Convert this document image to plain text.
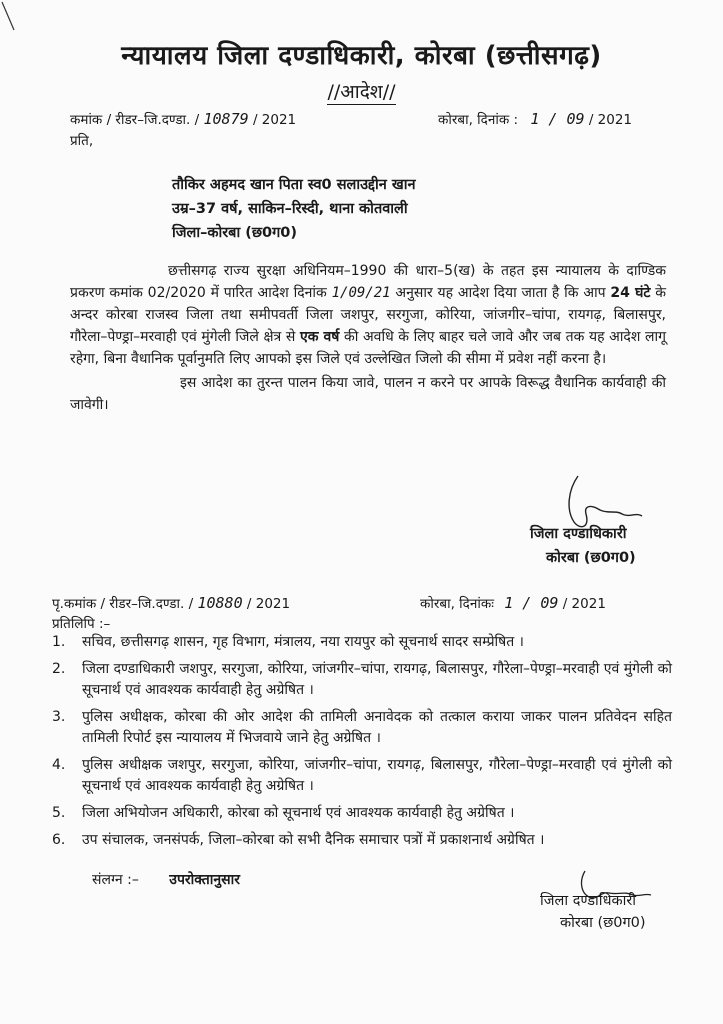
न्यायालय जिला दण्डाधिकारी, कोरबा (छत्तीसगढ़)
//आदेश//
कमांक / रीडर–जि.दण्डा. / 10879 / 2021	कोरबा, दिनांक : 1 / 09 / 2021
प्रति,
तौकिर अहमद खान पिता स्व0 सलाउद्दीन खान
उम्र–37 वर्ष, साकिन–रिस्दी, थाना कोतवाली
जिला–कोरबा (छ0ग0)
छत्तीसगढ़ राज्य सुरक्षा अधिनियम–1990 की धारा–5(ख) के तहत इस न्यायालय के दाण्डिक प्रकरण कमांक 02/2020 में पारित आदेश दिनांक 1/09/21 अनुसार यह आदेश दिया जाता है कि आप 24 घंटे के अन्दर कोरबा राजस्व जिला तथा समीपवर्ती जिला जशपुर, सरगुजा, कोरिया, जांजगीर–चांपा, रायगढ़, बिलासपुर, गौरेला–पेण्ड्रा–मरवाही एवं मुंगेली जिले क्षेत्र से एक वर्ष की अवधि के लिए बाहर चले जावे और जब तक यह आदेश लागू रहेगा, बिना वैधानिक पूर्वानुमति लिए आपको इस जिले एवं उल्लेखित जिलो की सीमा में प्रवेश नहीं करना है।
इस आदेश का तुरन्त पालन किया जावे, पालन न करने पर आपके विरूद्ध वैधानिक कार्यवाही की जावेगी।
जिला दण्डाधिकारी
कोरबा (छ0ग0)
पृ.कमांक / रीडर–जि.दण्डा. / 10880 / 2021	कोरबा, दिनांकः 1 / 09 / 2021
प्रतिलिपि :–
1.	सचिव, छत्तीसगढ़ शासन, गृह विभाग, मंत्रालय, नया रायपुर को सूचनार्थ सादर सम्प्रेषित ।
2.	जिला दण्डाधिकारी जशपुर, सरगुजा, कोरिया, जांजगीर–चांपा, रायगढ़, बिलासपुर, गौरेला–पेण्ड्रा–मरवाही एवं मुंगेली को सूचनार्थ एवं आवश्यक कार्यवाही हेतु अग्रेषित ।
3.	पुलिस अधीक्षक, कोरबा की ओर आदेश की तामिली अनावेदक को तत्काल कराया जाकर पालन प्रतिवेदन सहित तामिली रिपोर्ट इस न्यायालय में भिजवाये जाने हेतु अग्रेषित ।
4.	पुलिस अधीक्षक जशपुर, सरगुजा, कोरिया, जांजगीर–चांपा, रायगढ़, बिलासपुर, गौरेला–पेण्ड्रा–मरवाही एवं मुंगेली को सूचनार्थ एवं आवश्यक कार्यवाही हेतु अग्रेषित ।
5.	जिला अभियोजन अधिकारी, कोरबा को सूचनार्थ एवं आवश्यक कार्यवाही हेतु अग्रेषित ।
6.	उप संचालक, जनसंपर्क, जिला–कोरबा को सभी दैनिक समाचार पत्रों में प्रकाशनार्थ अग्रेषित ।
संलग्न :– उपरोक्तानुसार
जिला दण्डाधिकारी
कोरबा (छ0ग0)
